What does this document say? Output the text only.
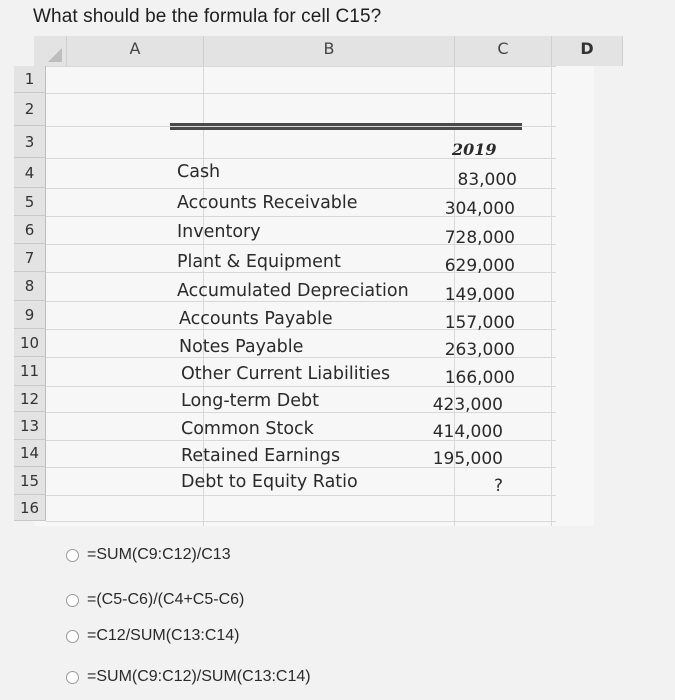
What should be the formula for cell C15?
A	B	C	D
1
2
3
4
5
6
7
8
9
10
11
12
13
14
15
16
2019
Cash	83,000
Accounts Receivable	304,000
Inventory	728,000
Plant & Equipment	629,000
Accumulated Depreciation 149,000
Accounts Payable	157,000
Notes Payable	263,000
Other Current Liabilities	166,000
Long-term Debt	423,000
Common Stock	414,000
Retained Earnings	195,000
Debt to Equity Ratio	?
=SUM(C9:C12)/C13
=(C5-C6)/(C4+C5-C6)
=C12/SUM(C13:C14)
=SUM(C9:C12)/SUM(C13:C14)
